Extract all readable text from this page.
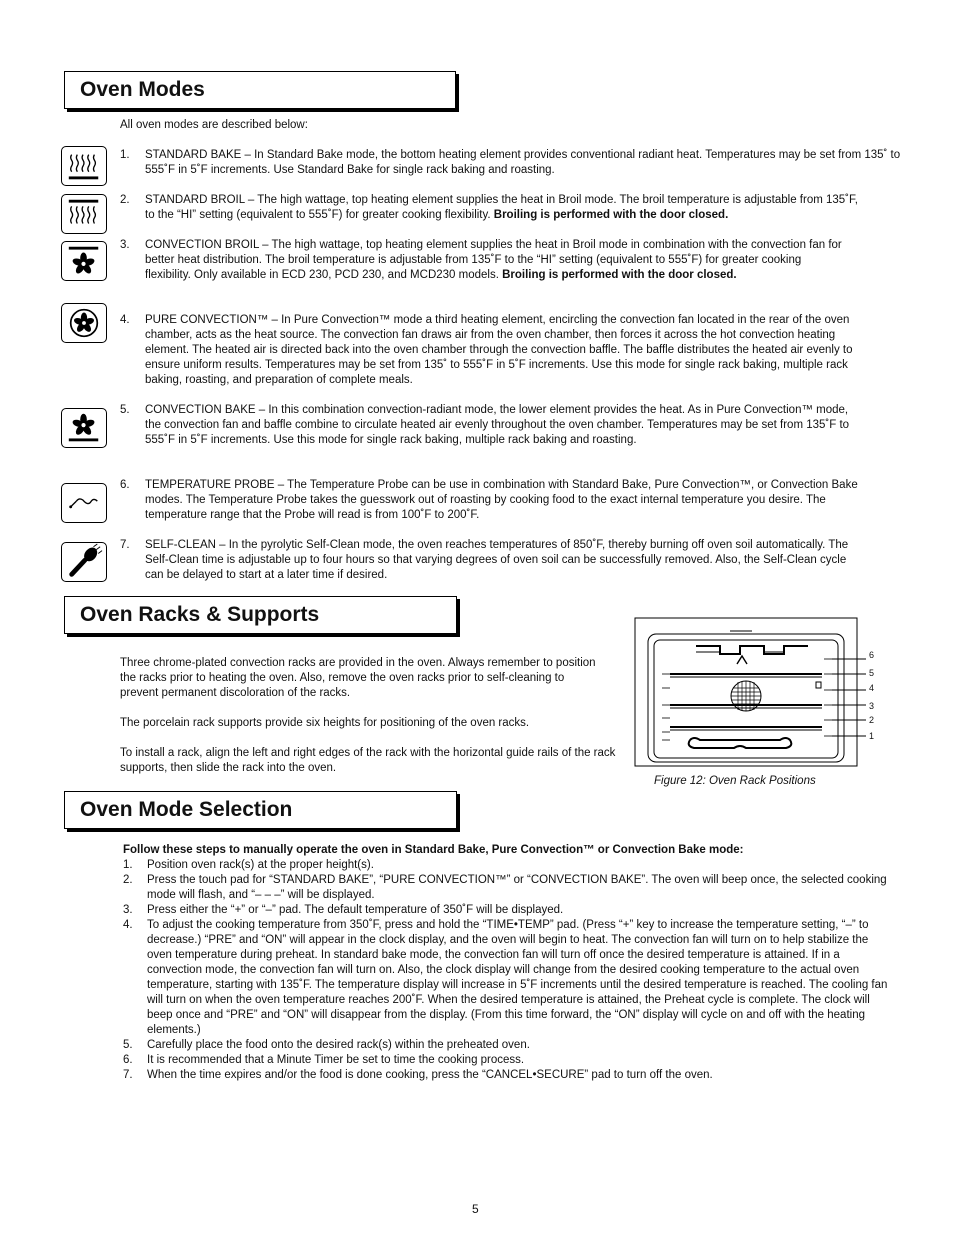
Oven Modes
All oven modes are described below:
1. STANDARD BAKE – In Standard Bake mode, the bottom heating element provides conventional radiant heat. Temperatures may be set from 135˚ to 555˚F in 5˚F increments. Use Standard Bake for single rack baking and roasting.
2. STANDARD BROIL – The high wattage, top heating element supplies the heat in Broil mode. The broil temperature is adjustable from 135˚F, to the “HI” setting (equivalent to 555˚F) for greater cooking flexibility. Broiling is performed with the door closed.
3. CONVECTION BROIL – The high wattage, top heating element supplies the heat in Broil mode in combination with the convection fan for better heat distribution. The broil temperature is adjustable from 135˚F to the “HI” setting (equivalent to 555˚F) for greater cooking flexibility. Only available in ECD 230, PCD 230, and MCD230 models. Broiling is performed with the door closed.
4. PURE CONVECTION™ – In Pure Convection™ mode a third heating element, encircling the convection fan located in the rear of the oven chamber, acts as the heat source. The convection fan draws air from the oven chamber, then forces it across the hot convection heating element. The heated air is directed back into the oven chamber through the convection baffle. The baffle distributes the heated air evenly to ensure uniform results. Temperatures may be set from 135˚ to 555˚F in 5˚F increments. Use this mode for single rack baking, multiple rack baking, roasting, and preparation of complete meals.
5. CONVECTION BAKE – In this combination convection-radiant mode, the lower element provides the heat. As in Pure Convection™ mode, the convection fan and baffle combine to circulate heated air evenly throughout the oven chamber. Temperatures may be set from 135˚F to 555˚F in 5˚F increments. Use this mode for single rack baking, multiple rack baking and roasting.
6. TEMPERATURE PROBE – The Temperature Probe can be use in combination with Standard Bake, Pure Convection™, or Convection Bake modes. The Temperature Probe takes the guesswork out of roasting by cooking food to the exact internal temperature you desire. The temperature range that the Probe will read is from 100˚F to 200˚F.
7. SELF-CLEAN – In the pyrolytic Self-Clean mode, the oven reaches temperatures of 850˚F, thereby burning off oven soil automatically. The Self-Clean time is adjustable up to four hours so that varying degrees of oven soil can be successfully removed. Also, the Self-Clean cycle can be delayed to start at a later time if desired.
Oven Racks & Supports
Three chrome-plated convection racks are provided in the oven. Always remember to position the racks prior to heating the oven. Also, remove the oven racks prior to self-cleaning to prevent permanent discoloration of the racks.
The porcelain rack supports provide six heights for positioning of the oven racks.
To install a rack, align the left and right edges of the rack with the horizontal guide rails of the rack supports, then slide the rack into the oven.
6
5
4
3
2
1
Figure 12: Oven Rack Positions
Oven Mode Selection
Follow these steps to manually operate the oven in Standard Bake, Pure Convection™ or Convection Bake mode:
1. Position oven rack(s) at the proper height(s).
2. Press the touch pad for “STANDARD BAKE”, “PURE CONVECTION™” or “CONVECTION BAKE”. The oven will beep once, the selected cooking mode will flash, and “– – –” will be displayed.
3. Press either the “+” or “–” pad. The default temperature of 350˚F will be displayed.
4. To adjust the cooking temperature from 350˚F, press and hold the “TIME•TEMP” pad. (Press “+” key to increase the temperature setting, “–” to decrease.) “PRE” and “ON” will appear in the clock display, and the oven will begin to heat. The convection fan will turn on to help stabilize the oven temperature during preheat. In standard bake mode, the convection fan will turn off once the desired temperature is attained. If in a convection mode, the convection fan will turn on. Also, the clock display will change from the desired cooking temperature to the actual oven temperature, starting with 135˚F. The temperature display will increase in 5˚F increments until the desired temperature is reached. The cooling fan will turn on when the oven temperature reaches 200˚F. When the desired temperature is attained, the Preheat cycle is complete. The clock will beep once and “PRE” and “ON” will disappear from the display. (From this time forward, the “ON” display will cycle on and off with the heating elements.)
5. Carefully place the food onto the desired rack(s) within the preheated oven.
6. It is recommended that a Minute Timer be set to time the cooking process.
7. When the time expires and/or the food is done cooking, press the “CANCEL•SECURE” pad to turn off the oven.
5
